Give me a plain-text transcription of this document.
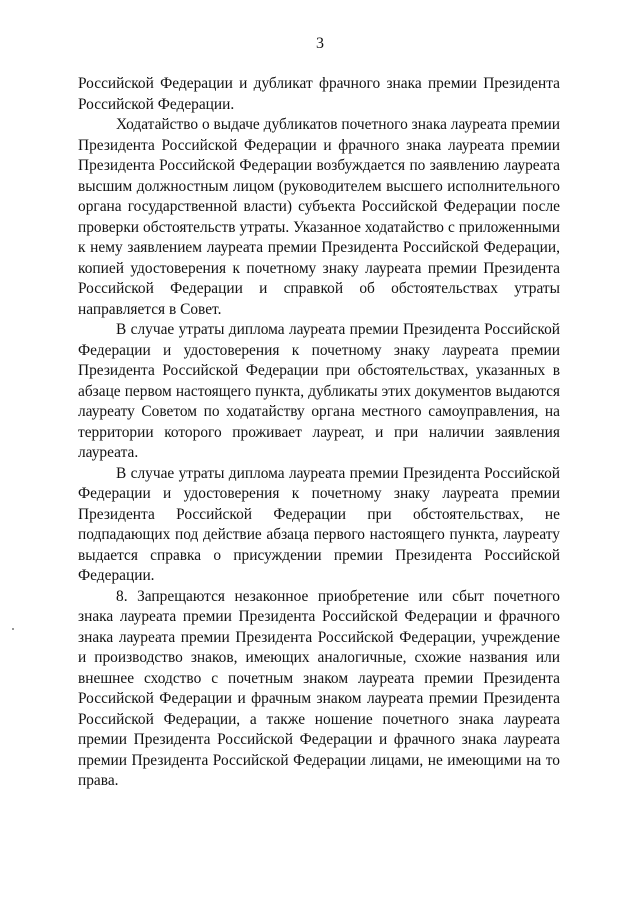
3

Российской Федерации и дубликат фрачного знака премии Президента Российской Федерации.

Ходатайство о выдаче дубликатов почетного знака лауреата премии Президента Российской Федерации и фрачного знака лауреата премии Президента Российской Федерации возбуждается по заявлению лауреата высшим должностным лицом (руководителем высшего исполнительного органа государственной власти) субъекта Российской Федерации после проверки обстоятельств утраты. Указанное ходатайство с приложенными к нему заявлением лауреата премии Президента Российской Федерации, копией удостоверения к почетному знаку лауреата премии Президента Российской Федерации и справкой об обстоятельствах утраты направляется в Совет.

В случае утраты диплома лауреата премии Президента Российской Федерации и удостоверения к почетному знаку лауреата премии Президента Российской Федерации при обстоятельствах, указанных в абзаце первом настоящего пункта, дубликаты этих документов выдаются лауреату Советом по ходатайству органа местного самоуправления, на территории которого проживает лауреат, и при наличии заявления лауреата.

В случае утраты диплома лауреата премии Президента Российской Федерации и удостоверения к почетному знаку лауреата премии Президента Российской Федерации при обстоятельствах, не подпадающих под действие абзаца первого настоящего пункта, лауреату выдается справка о присуждении премии Президента Российской Федерации.

8. Запрещаются незаконное приобретение или сбыт почетного знака лауреата премии Президента Российской Федерации и фрачного знака лауреата премии Президента Российской Федерации, учреждение и производство знаков, имеющих аналогичные, схожие названия или внешнее сходство с почетным знаком лауреата премии Президента Российской Федерации и фрачным знаком лауреата премии Президента Российской Федерации, а также ношение почетного знака лауреата премии Президента Российской Федерации и фрачного знака лауреата премии Президента Российской Федерации лицами, не имеющими на то права.
